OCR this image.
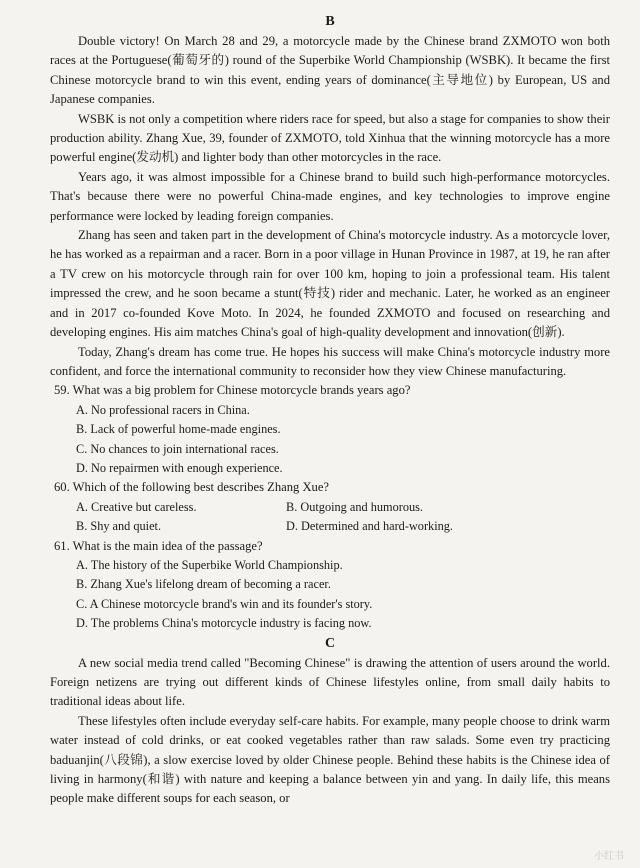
B

Double victory! On March 28 and 29, a motorcycle made by the Chinese brand ZXMOTO won both races at the Portuguese(葡萄牙的) round of the Superbike World Championship (WSBK). It became the first Chinese motorcycle brand to win this event, ending years of dominance(主导地位) by European, US and Japanese companies.

WSBK is not only a competition where riders race for speed, but also a stage for companies to show their production ability. Zhang Xue, 39, founder of ZXMOTO, told Xinhua that the winning motorcycle has a more powerful engine(发动机) and lighter body than other motorcycles in the race.

Years ago, it was almost impossible for a Chinese brand to build such high-performance motorcycles. That's because there were no powerful China-made engines, and key technologies to improve engine performance were locked by leading foreign companies.

Zhang has seen and taken part in the development of China's motorcycle industry. As a motorcycle lover, he has worked as a repairman and a racer. Born in a poor village in Hunan Province in 1987, at 19, he ran after a TV crew on his motorcycle through rain for over 100 km, hoping to join a professional team. His talent impressed the crew, and he soon became a stunt(特技) rider and mechanic. Later, he worked as an engineer and in 2017 co-founded Kove Moto. In 2024, he founded ZXMOTO and focused on researching and developing engines. His aim matches China's goal of high-quality development and innovation(创新).

Today, Zhang's dream has come true. He hopes his success will make China's motorcycle industry more confident, and force the international community to reconsider how they view Chinese manufacturing.

59. What was a big problem for Chinese motorcycle brands years ago?

A. No professional racers in China.

B. Lack of powerful home-made engines.

C. No chances to join international races.

D. No repairmen with enough experience.

60. Which of the following best describes Zhang Xue?

A. Creative but careless.	B. Outgoing and humorous.
B. Shy and quiet.	D. Determined and hard-working.

61. What is the main idea of the passage?

A. The history of the Superbike World Championship.

B. Zhang Xue's lifelong dream of becoming a racer.

C. A Chinese motorcycle brand's win and its founder's story.

D. The problems China's motorcycle industry is facing now.

C

A new social media trend called "Becoming Chinese" is drawing the attention of users around the world. Foreign netizens are trying out different kinds of Chinese lifestyles online, from small daily habits to traditional ideas about life.

These lifestyles often include everyday self-care habits. For example, many people choose to drink warm water instead of cold drinks, or eat cooked vegetables rather than raw salads. Some even try practicing baduanjin(八段锦), a slow exercise loved by older Chinese people. Behind these habits is the Chinese idea of living in harmony(和谐) with nature and keeping a balance between yin and yang. In daily life, this means people make different soups for each season, or

小红书
